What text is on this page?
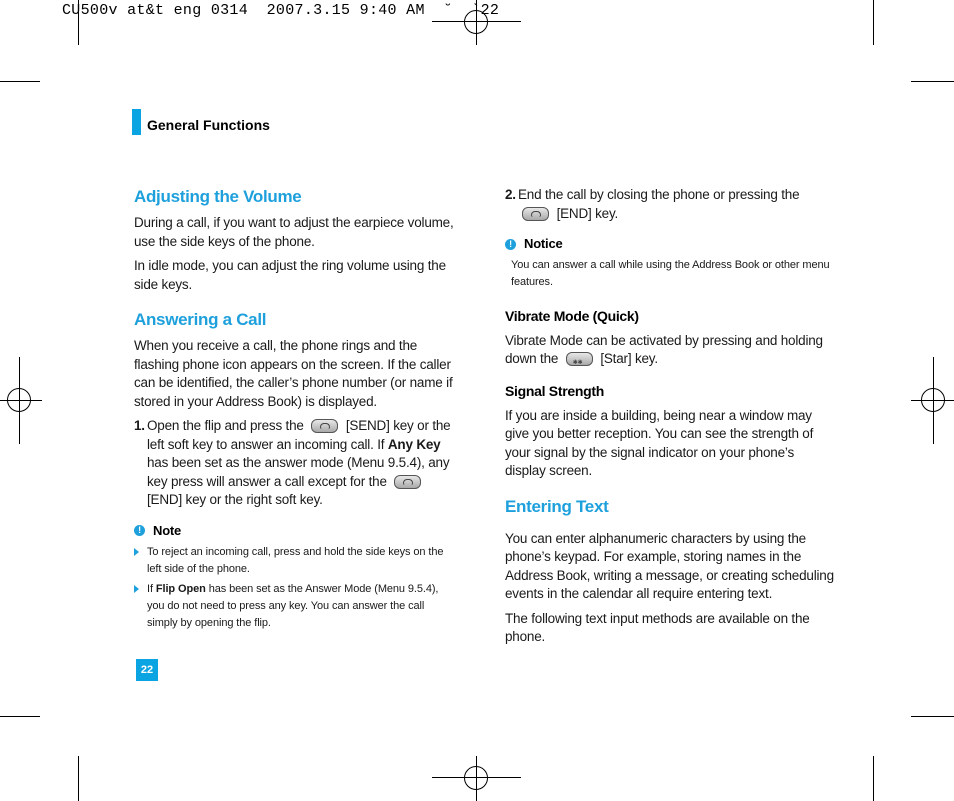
CU500v at&t eng 0314  2007.3.15 9:40 AM  ˘  `22
General Functions
Adjusting the Volume

During a call, if you want to adjust the earpiece volume, use the side keys of the phone.

In idle mode, you can adjust the ring volume using the side keys.

Answering a Call

When you receive a call, the phone rings and the flashing phone icon appears on the screen. If the caller can be identified, the caller’s phone number (or name if stored in your Address Book) is displayed.

1. Open the flip and press the	[SEND] key or the left soft key to answer an incoming call. If Any Key has been set as the answer mode (Menu 9.5.4), any key press will answer a call except for the  [END] key or the right soft key.
! Note
To reject an incoming call, press and hold the side keys on the left side of the phone.
If Flip Open has been set as the Answer Mode (Menu 9.5.4), you do not need to press any key. You can answer the call simply by opening the flip.
2. End the call by closing the phone or pressing the  [END] key.
! Notice

You can answer a call while using the Address Book or other menu features.

Vibrate Mode (Quick)

Vibrate Mode can be activated by pressing and holding down the ✱✱	[Star] key.

Signal Strength

If you are inside a building, being near a window may give you better reception. You can see the strength of your signal by the signal indicator on your phone’s display screen.

Entering Text

You can enter alphanumeric characters by using the phone’s keypad. For example, storing names in the Address Book, writing a message, or creating scheduling events in the calendar all require entering text.

The following text input methods are available on the phone.

22
